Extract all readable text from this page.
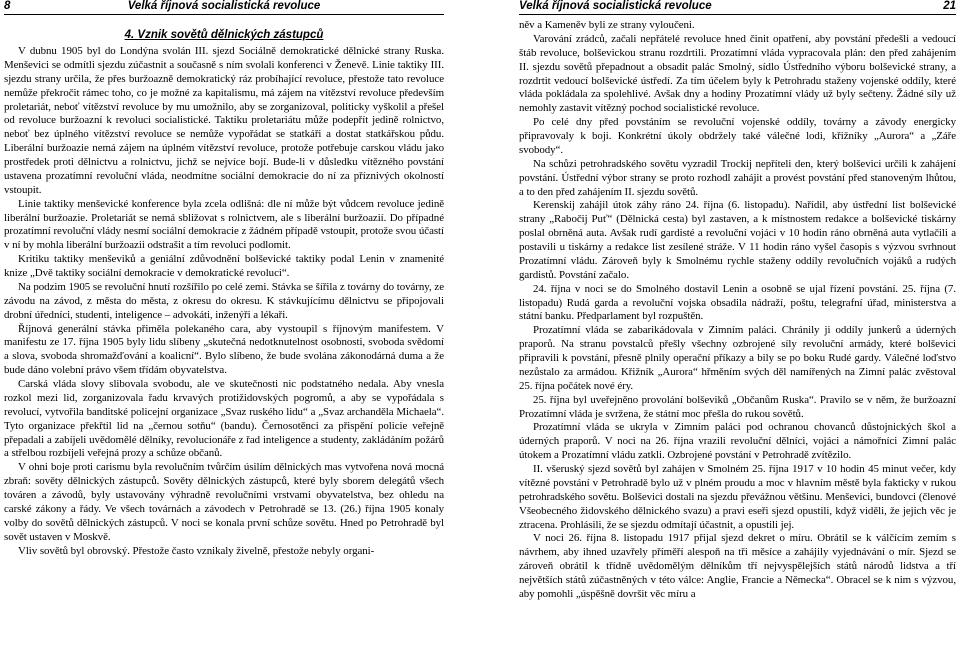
8	Velká říjnová socialistická revoluce
4. Vznik sovětů dělnických zástupců

V dubnu 1905 byl do Londýna svolán III. sjezd Sociálně demokratické dělnické strany Ruska. Menševici se odmítli sjezdu zúčastnit a současně s ním svolali konferenci v Ženevě. Linie taktiky III. sjezdu strany určila, že přes buržoazně demokratický ráz probíhající revoluce, přestože tato revoluce nemůže překročit rámec toho, co je možné za kapitalismu, má zájem na vítězství revoluce především proletariát, neboť vítězství revoluce by mu umožnilo, aby se zorganizoval, politicky vyškolil a přešel od revoluce buržoazní k revoluci socialistické. Taktiku proletariátu může podepřít jedině rolnictvo, neboť bez úplného vítězství revoluce se nemůže vypořádat se statkáři a dostat statkářskou půdu. Liberální buržoazie nemá zájem na úplném vítězství revoluce, protože potřebuje carskou vládu jako prostředek proti dělnictvu a rolnictvu, jichž se nejvíce bojí. Bude-li v důsledku vítězného povstání ustavena prozatímní revoluční vláda, neodmítne sociální demokracie do ní za příznivých okolností vstoupit.

Linie taktiky menševické konference byla zcela odlišná: dle ní může být vůdcem revoluce jedině liberální buržoazie. Proletariát se nemá sbližovat s rolnictvem, ale s liberální buržoazií. Do případné prozatímní revoluční vlády nesmí sociální demokracie z žádném případě vstoupit, protože svou účastí v ní by mohla liberální buržoazii odstrašit a tím revoluci podlomit.

Kritiku taktiky menševiků a geniální zdůvodnění bolševické taktiky podal Lenin v znamenité knize „Dvě taktiky sociální demokracie v demokratické revoluci“.

Na podzim 1905 se revoluční hnutí rozšířilo po celé zemi. Stávka se šířila z továrny do továrny, ze závodu na závod, z města do města, z okresu do okresu. K stávkujícímu dělnictvu se připojovali drobní úředníci, studenti, inteligence – advokáti, inženýři a lékaři.

Říjnová generální stávka přiměla polekaného cara, aby vystoupil s říjnovým manifestem. V manifestu ze 17. října 1905 byly lidu slíbeny „skutečná nedotknutelnost osobnosti, svoboda svědomí a slova, svoboda shromažďování a koalicní“. Bylo slíbeno, že bude svolána zákonodárná duma a že bude dáno volební právo všem třídám obyvatelstva.

Carská vláda slovy slibovala svobodu, ale ve skutečnosti nic podstatného nedala. Aby vnesla rozkol mezi lid, zorganizovala řadu krvavých protižidovských pogromů, a aby se vypořádala s revolucí, vytvořila banditské policejní organizace „Svaz ruského lidu“ a „Svaz archanděla Michaela“. Tyto organizace překřtil lid na „černou sotňu“ (bandu). Černosotěnci za přispění policie veřejně přepadali a zabíjeli uvědomělé dělníky, revolucionáře z řad inteligence a studenty, zakládáním požárů a střelbou rozbíjeli veřejná prozy a schůze občanů.

V ohni boje proti carismu byla revolučním tvůrčím úsilím dělnických mas vytvořena nová mocná zbraň: sověty dělnických zástupců. Sověty dělnických zástupců, které byly sborem delegátů všech továren a závodů, byly ustavovány výhradně revolučními vrstvami obyvatelstva, bez ohledu na carské zákony a řády. Ve všech továrnách a závodech v Petrohradě se 13. (26.) října 1905 konaly volby do sovětů dělnických zástupců. V noci se konala první schůze sovětu. Hned po Petrohradě byl sovět ustaven v Moskvě.

Vliv sovětů byl obrovský. Přestože často vznikaly živelně, přestože nebyly organi-

Velká říjnová socialistická revoluce	21

něv a Kameněv byli ze strany vyloučeni.

Varování zrádců, začali nepřátelé revoluce hned činit opatření, aby povstání předešli a vedoucí štáb revoluce, bolševickou stranu rozdrtili. Prozatímní vláda vypracovala plán: den před zahájením II. sjezdu sovětů přepadnout a obsadit palác Smolný, sídlo Ústředního výboru bolševické strany, a rozdrtit vedoucí bolševické ústředí. Za tím účelem byly k Petrohradu staženy vojenské oddíly, které vláda pokládala za spolehlivé. Avšak dny a hodiny Prozatímní vlády už byly sečteny. Žádné síly už nemohly zastavit vítězný pochod socialistické revoluce.

Po celé dny před povstáním se revoluční vojenské oddíly, továrny a závody energicky připravovaly k boji. Konkrétní úkoly obdržely také válečné lodi, křižníky „Aurora“ a „Záře svobody“.

Na schůzi petrohradského sovětu vyzradil Trockij nepříteli den, který bolševici určili k zahájení povstání. Ústřední výbor strany se proto rozhodl zahájit a provést povstání před stanoveným lhůtou, a to den před zahájením II. sjezdu sovětů.

Kerenskij zahájil útok záhy ráno 24. října (6. listopadu). Nařídil, aby ústřední list bolševické strany „Rabočij Puť“ (Dělnická cesta) byl zastaven, a k místnostem redakce a bolševické tiskárny poslal obrněná auta. Avšak rudí gardisté a revoluční vojáci v 10 hodin ráno obrněná auta vytlačili a postavili u tiskárny a redakce list zesílené stráže. V 11 hodin ráno vyšel časopis s výzvou svrhnout Prozatímní vládu. Zároveň byly k Smolnému rychle staženy oddíly revolučních vojáků a rudých gardistů. Povstání začalo.

24. října v noci se do Smolného dostavil Lenin a osobně se ujal řízení povstání. 25. října (7. listopadu) Rudá garda a revoluční vojska obsadila nádraží, poštu, telegrafní úřad, ministerstva a státní banku. Předparlament byl rozpuštěn.

Prozatímní vláda se zabarikádovala v Zimním paláci. Chránily ji oddíly junkerů a úderných praporů. Na stranu povstalců přešly všechny ozbrojené síly revoluční armády, které bolševici připravili k povstání, přesně plnily operační příkazy a bily se po boku Rudé gardy. Válečné loďstvo nezůstalo za armádou. Křižník „Aurora“ hřměním svých děl namířených na Zimní palác zvěstoval 25. října počátek nové éry.

25. října byl uveřejněno provolání bolševiků „Občanům Ruska“. Pravilo se v něm, že buržoazní Prozatímní vláda je svržena, že státní moc přešla do rukou sovětů.

Prozatímní vláda se ukryla v Zimním paláci pod ochranou chovanců důstojnických škol a úderných praporů. V noci na 26. října vrazili revoluční dělníci, vojáci a námořníci Zimní palác útokem a Prozatímní vládu zatkli. Ozbrojené povstání v Petrohradě zvítězilo.

II. všeruský sjezd sovětů byl zahájen v Smolném 25. října 1917 v 10 hodin 45 minut večer, kdy vítězné povstání v Petrohradě bylo už v plném proudu a moc v hlavním městě byla fakticky v rukou petrohradského sovětu. Bolševici dostali na sjezdu převážnou většinu. Menševici, bundovci (členové Všeobecného židovského dělnického svazu) a pravi eseři sjezd opustili, když viděli, že jejich věc je ztracena. Prohlásili, že se sjezdu odmítají účastnit, a opustili jej.

V noci 26. října 8. listopadu 1917 přijal sjezd dekret o míru. Obrátil se k válčícím zemím s návrhem, aby ihned uzavřely příměří alespoň na tři měsíce a zahájily vyjednávání o mír. Sjezd se zároveň obrátil k třídně uvědomělým dělníkům tří nejvyspělejších států národů lidstva a tří největších států zúčastněných v této válce: Anglie, Francie a Německa“. Obracel se k nim s výzvou, aby pomohli „úspěšně dovršit věc míru a
